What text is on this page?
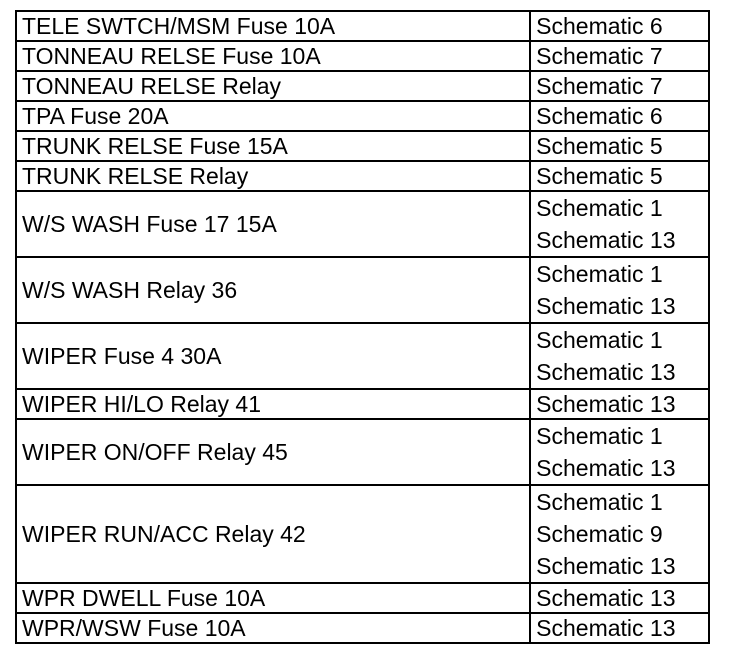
TELE SWTCH/MSM Fuse 10A	Schematic 6
TONNEAU RELSE Fuse 10A	Schematic 7
TONNEAU RELSE Relay	Schematic 7
TPA Fuse 20A	Schematic 6
TRUNK RELSE Fuse 15A	Schematic 5
TRUNK RELSE Relay	Schematic 5
W/S WASH Fuse 17 15A	Schematic 1
Schematic 13

W/S WASH Relay 36	Schematic 1
Schematic 13

WIPER Fuse 4 30A	Schematic 1
Schematic 13

WIPER HI/LO Relay 41	Schematic 13
WIPER ON/OFF Relay 45	Schematic 1
Schematic 13

WIPER RUN/ACC Relay 42	Schematic 1
Schematic 9
Schematic 13

WPR DWELL Fuse 10A	Schematic 13
WPR/WSW Fuse 10A	Schematic 13
